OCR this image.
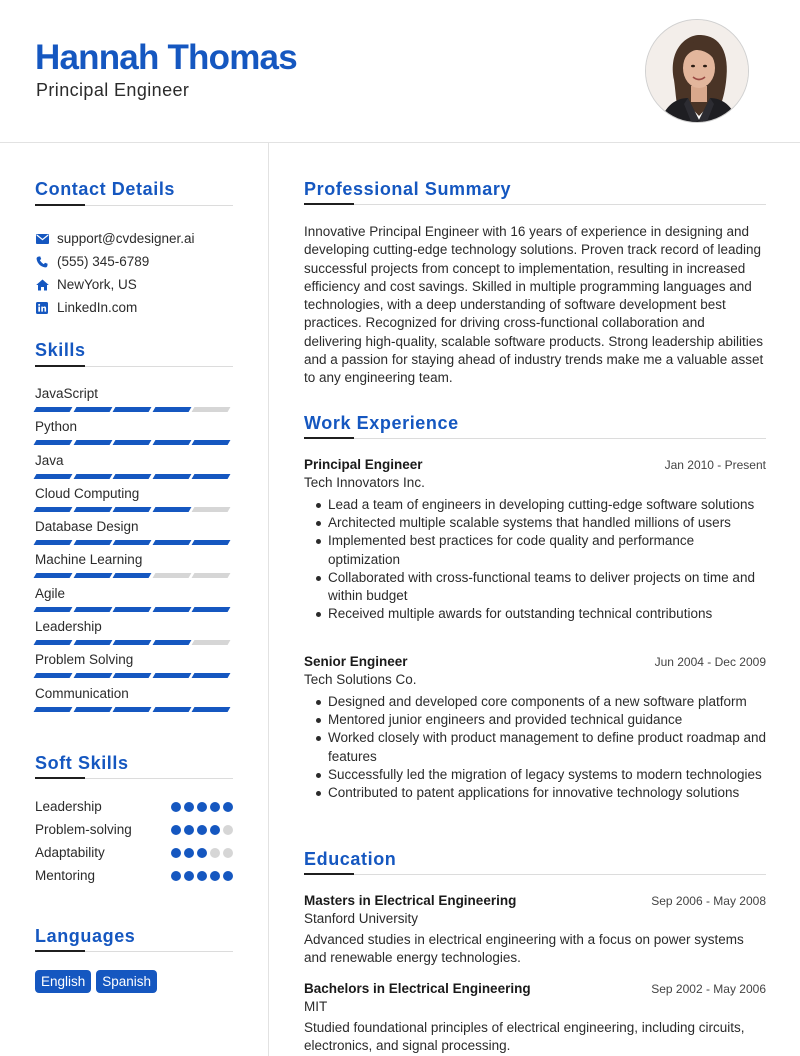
Hannah Thomas
Principal Engineer
Contact Details
support@cvdesigner.ai
(555) 345-6789
NewYork, US
LinkedIn.com
Skills
JavaScript
Python
Java
Cloud Computing
Database Design
Machine Learning
Agile
Leadership
Problem Solving
Communication
Soft Skills
Leadership
Problem-solving
Adaptability
Mentoring
Languages
English	Spanish
Professional Summary
Innovative Principal Engineer with 16 years of experience in designing and developing cutting-edge technology solutions. Proven track record of leading successful projects from concept to implementation, resulting in increased efficiency and cost savings. Skilled in multiple programming languages and technologies, with a deep understanding of software development best practices. Recognized for driving cross-functional collaboration and delivering high-quality, scalable software products. Strong leadership abilities and a passion for staying ahead of industry trends make me a valuable asset to any engineering team.
Work Experience
Principal Engineer	Jan 2010 - Present
Tech Innovators Inc.
Lead a team of engineers in developing cutting-edge software solutions
Architected multiple scalable systems that handled millions of users
Implemented best practices for code quality and performance optimization
Collaborated with cross-functional teams to deliver projects on time and within budget
Received multiple awards for outstanding technical contributions
Senior Engineer	Jun 2004 - Dec 2009
Tech Solutions Co.
Designed and developed core components of a new software platform
Mentored junior engineers and provided technical guidance
Worked closely with product management to define product roadmap and features
Successfully led the migration of legacy systems to modern technologies
Contributed to patent applications for innovative technology solutions
Education
Masters in Electrical Engineering	Sep 2006 - May 2008
Stanford University
Advanced studies in electrical engineering with a focus on power systems and renewable energy technologies.
Bachelors in Electrical Engineering	Sep 2002 - May 2006
MIT
Studied foundational principles of electrical engineering, including circuits, electronics, and signal processing.
